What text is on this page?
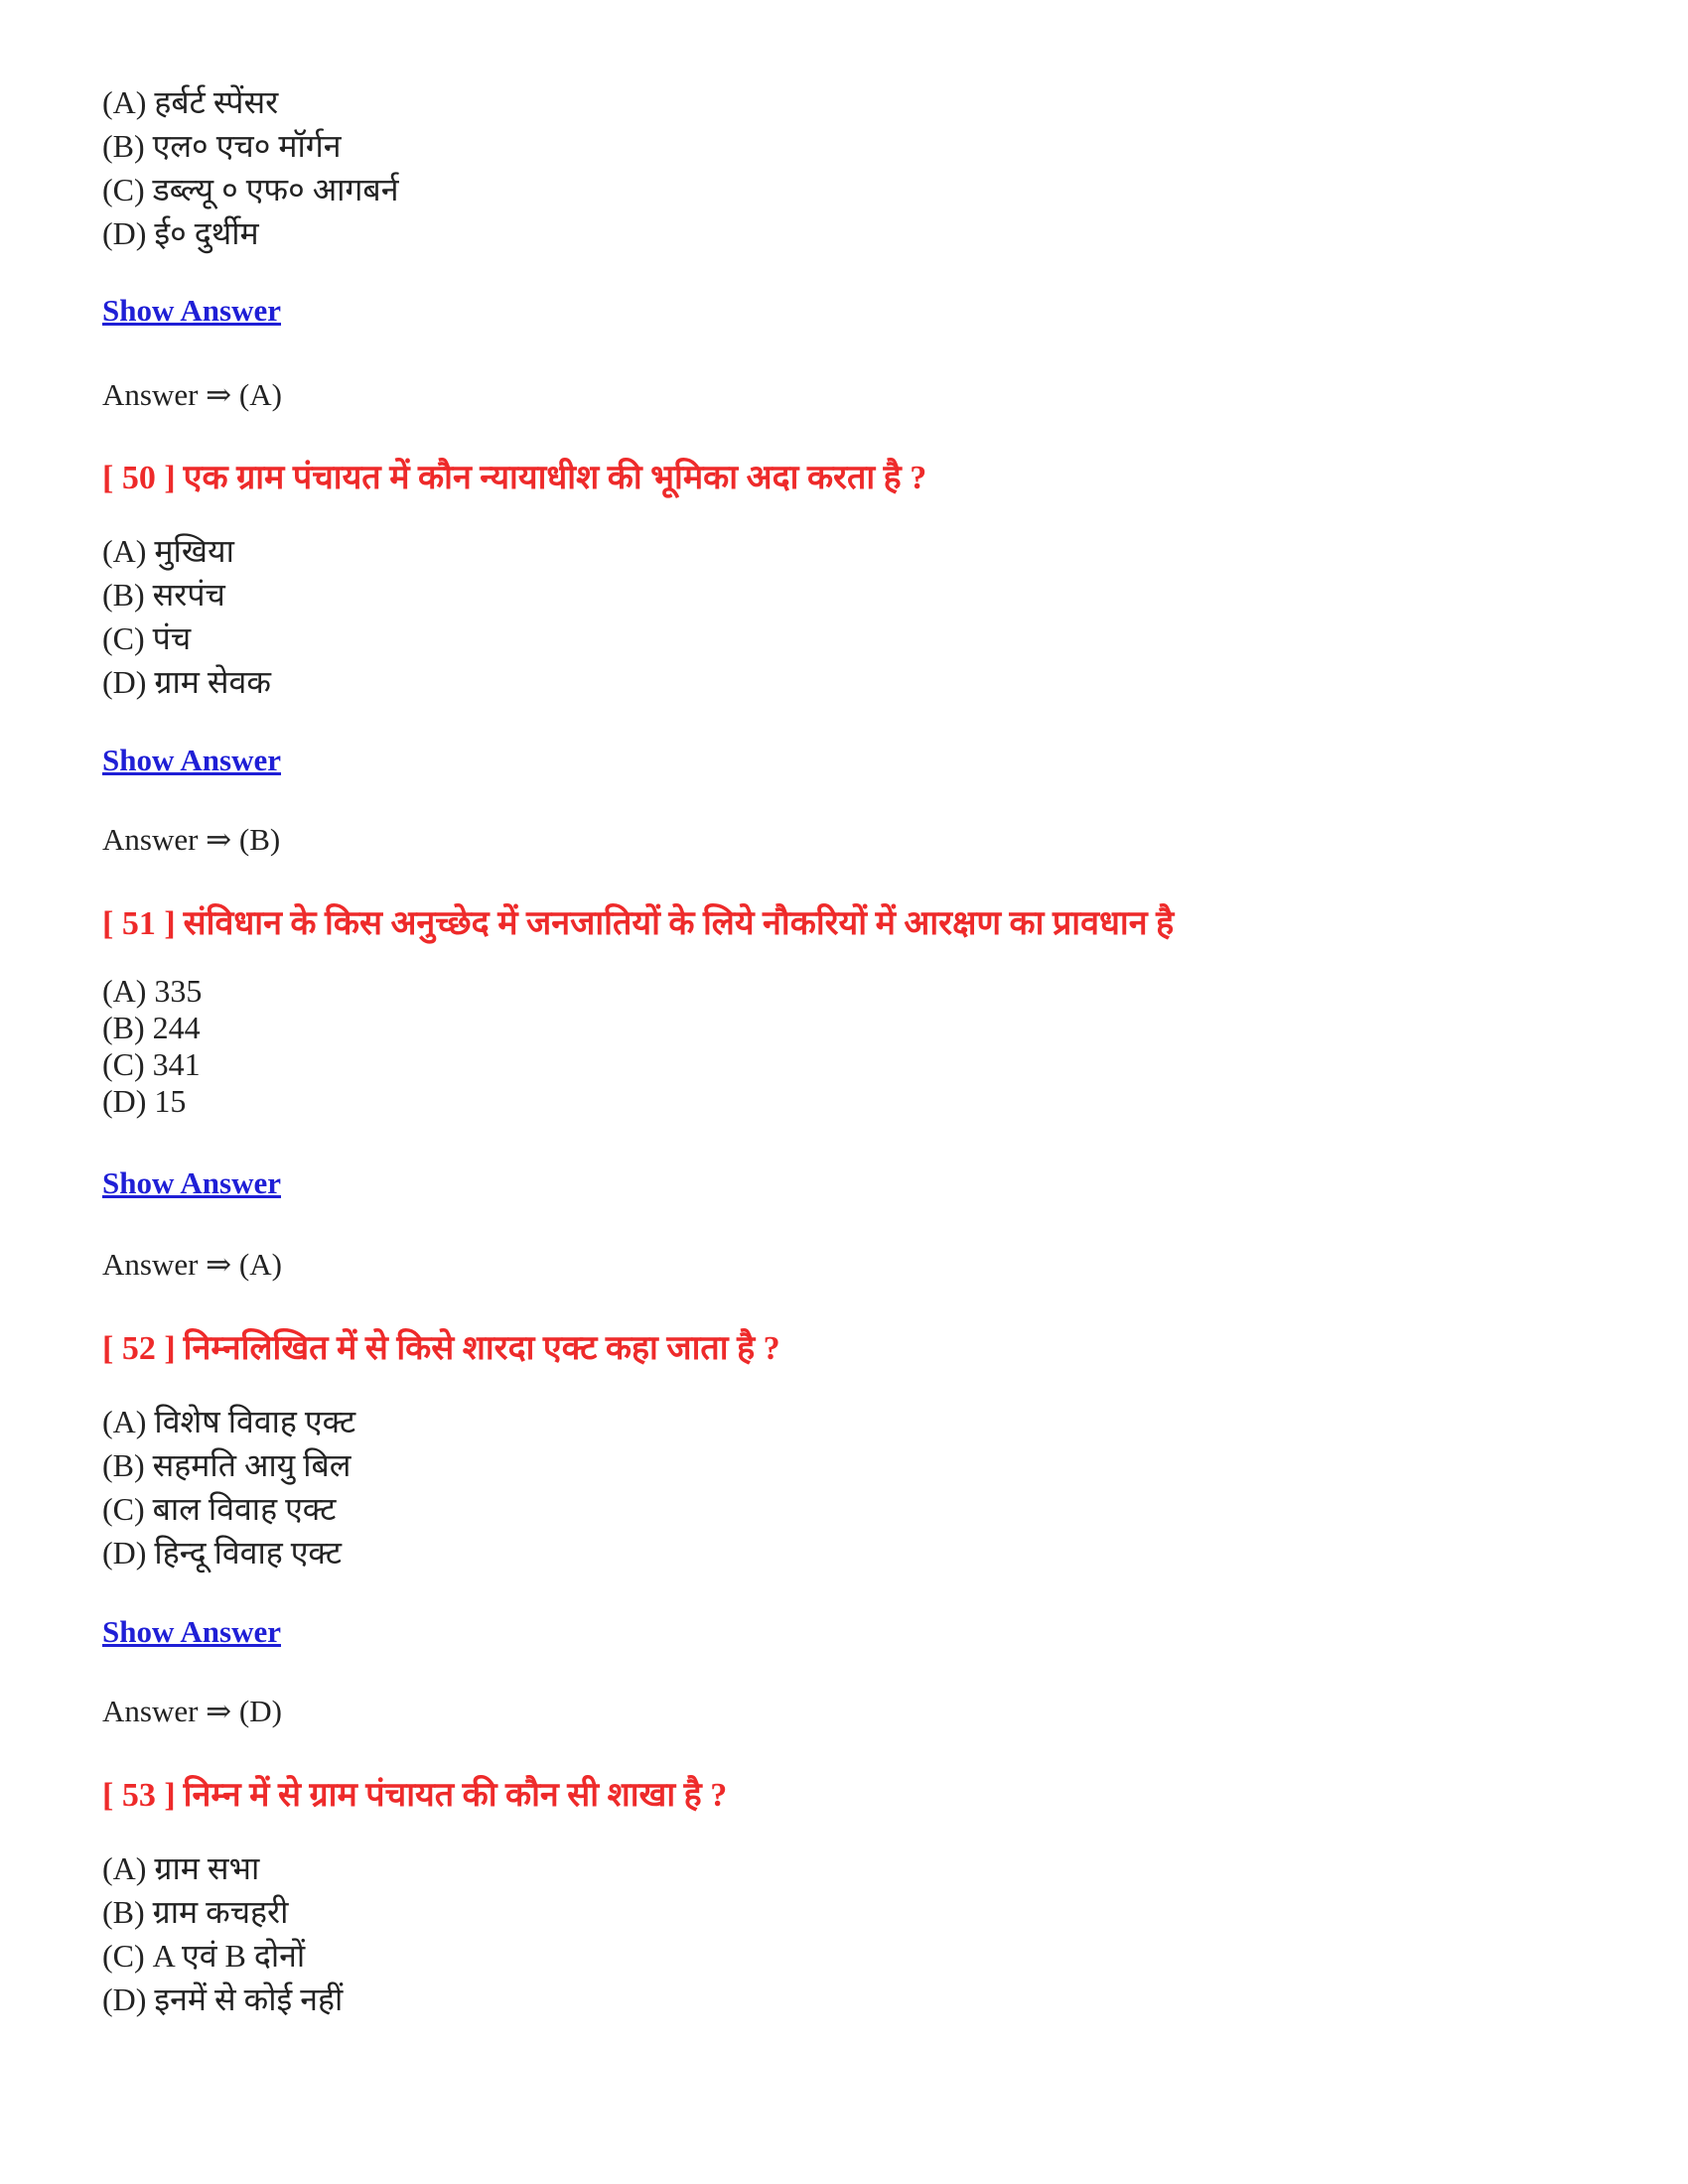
(A) हर्बर्ट स्पेंसर
(B) एल० एच० मॉर्गन
(C) डब्ल्यू ० एफ० आगबर्न
(D) ई० दुर्थीम
Show Answer
Answer ⇒ (A)
[ 50 ] एक ग्राम पंचायत में कौन न्यायाधीश की भूमिका अदा करता है ?
(A) मुखिया
(B) सरपंच
(C) पंच
(D) ग्राम सेवक
Show Answer
Answer ⇒ (B)
[ 51 ] संविधान के किस अनुच्छेद में जनजातियों के लिये नौकरियों में आरक्षण का प्रावधान है
(A) 335
(B) 244
(C) 341
(D) 15
Show Answer
Answer ⇒ (A)
[ 52 ] निम्नलिखित में से किसे शारदा एक्ट कहा जाता है ?
(A) विशेष विवाह एक्ट
(B) सहमति आयु बिल
(C) बाल विवाह एक्ट
(D) हिन्दू विवाह एक्ट
Show Answer
Answer ⇒ (D)
[ 53 ] निम्न में से ग्राम पंचायत की कौन सी शाखा है ?
(A) ग्राम सभा
(B) ग्राम कचहरी
(C) A एवं B दोनों
(D) इनमें से कोई नहीं
